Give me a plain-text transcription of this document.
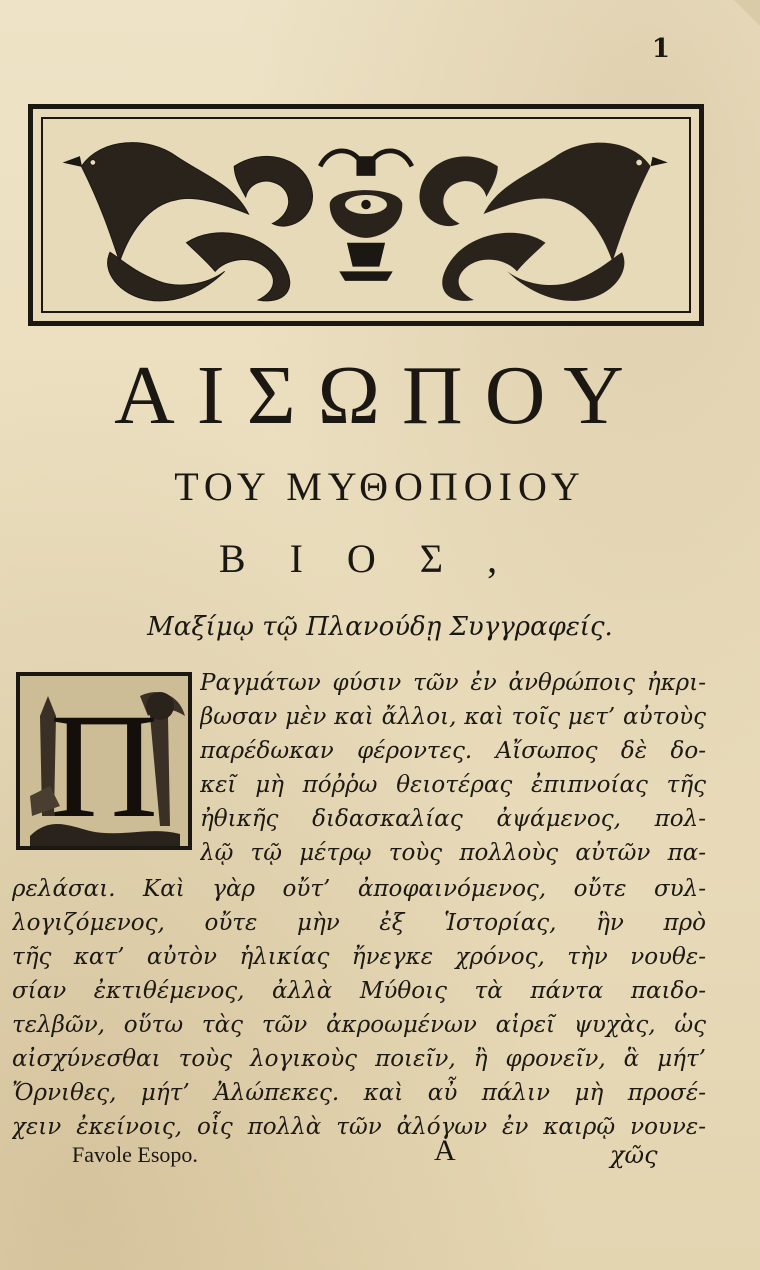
1
ΑΙΣΩΠΟΥ
ΤΟΥ ΜΥΘΟΠΟΙΟΥ
ΒΙΟΣ,
Μαξίμῳ τῷ Πλανούδῃ Συγγραφείς.
Π Ραγμάτων φύσιν τῶν ἐν ἀνθρώποις ἠκρι-
βωσαν μὲν καὶ ἄλλοι, καὶ τοῖς μετ’ αὐτοὺς
παρέδωκαν φέροντες. Αἴσωπος δὲ δο-
κεῖ μὴ πόῤῥω θειοτέρας ἐπιπνοίας τῆς
ἠθικῆς διδασκαλίας ἀψάμενος, πολ-
λῷ τῷ μέτρῳ τοὺς πολλοὺς αὐτῶν πα-
ρελάσαι. Καὶ γὰρ οὔτ’ ἀποφαινόμενος, οὔτε συλ-
λογιζόμενος, οὔτε μὴν ἐξ Ἱστορίας, ἣν πρὸ
τῆς κατ’ αὐτὸν ἡλικίας ἤνεγκε χρόνος, τὴν νουθε-
σίαν ἐκτιθέμενος, ἀλλὰ Μύθοις τὰ πάντα παιδο-
τελβῶν, οὕτω τὰς τῶν ἀκροωμένων αἱρεῖ ψυχὰς, ὡς
αἰσχύνεσθαι τοὺς λογικοὺς ποιεῖν, ἢ φρονεῖν, ἃ μήτ’
Ὄρνιθες, μήτ’ Ἀλώπεκες. καὶ αὖ πάλιν μὴ προσέ-
χειν ἐκείνοις, οἷς πολλὰ τῶν ἀλόγων ἐν καιρῷ νουνε-
Favole Esopo.	A	χῶς
